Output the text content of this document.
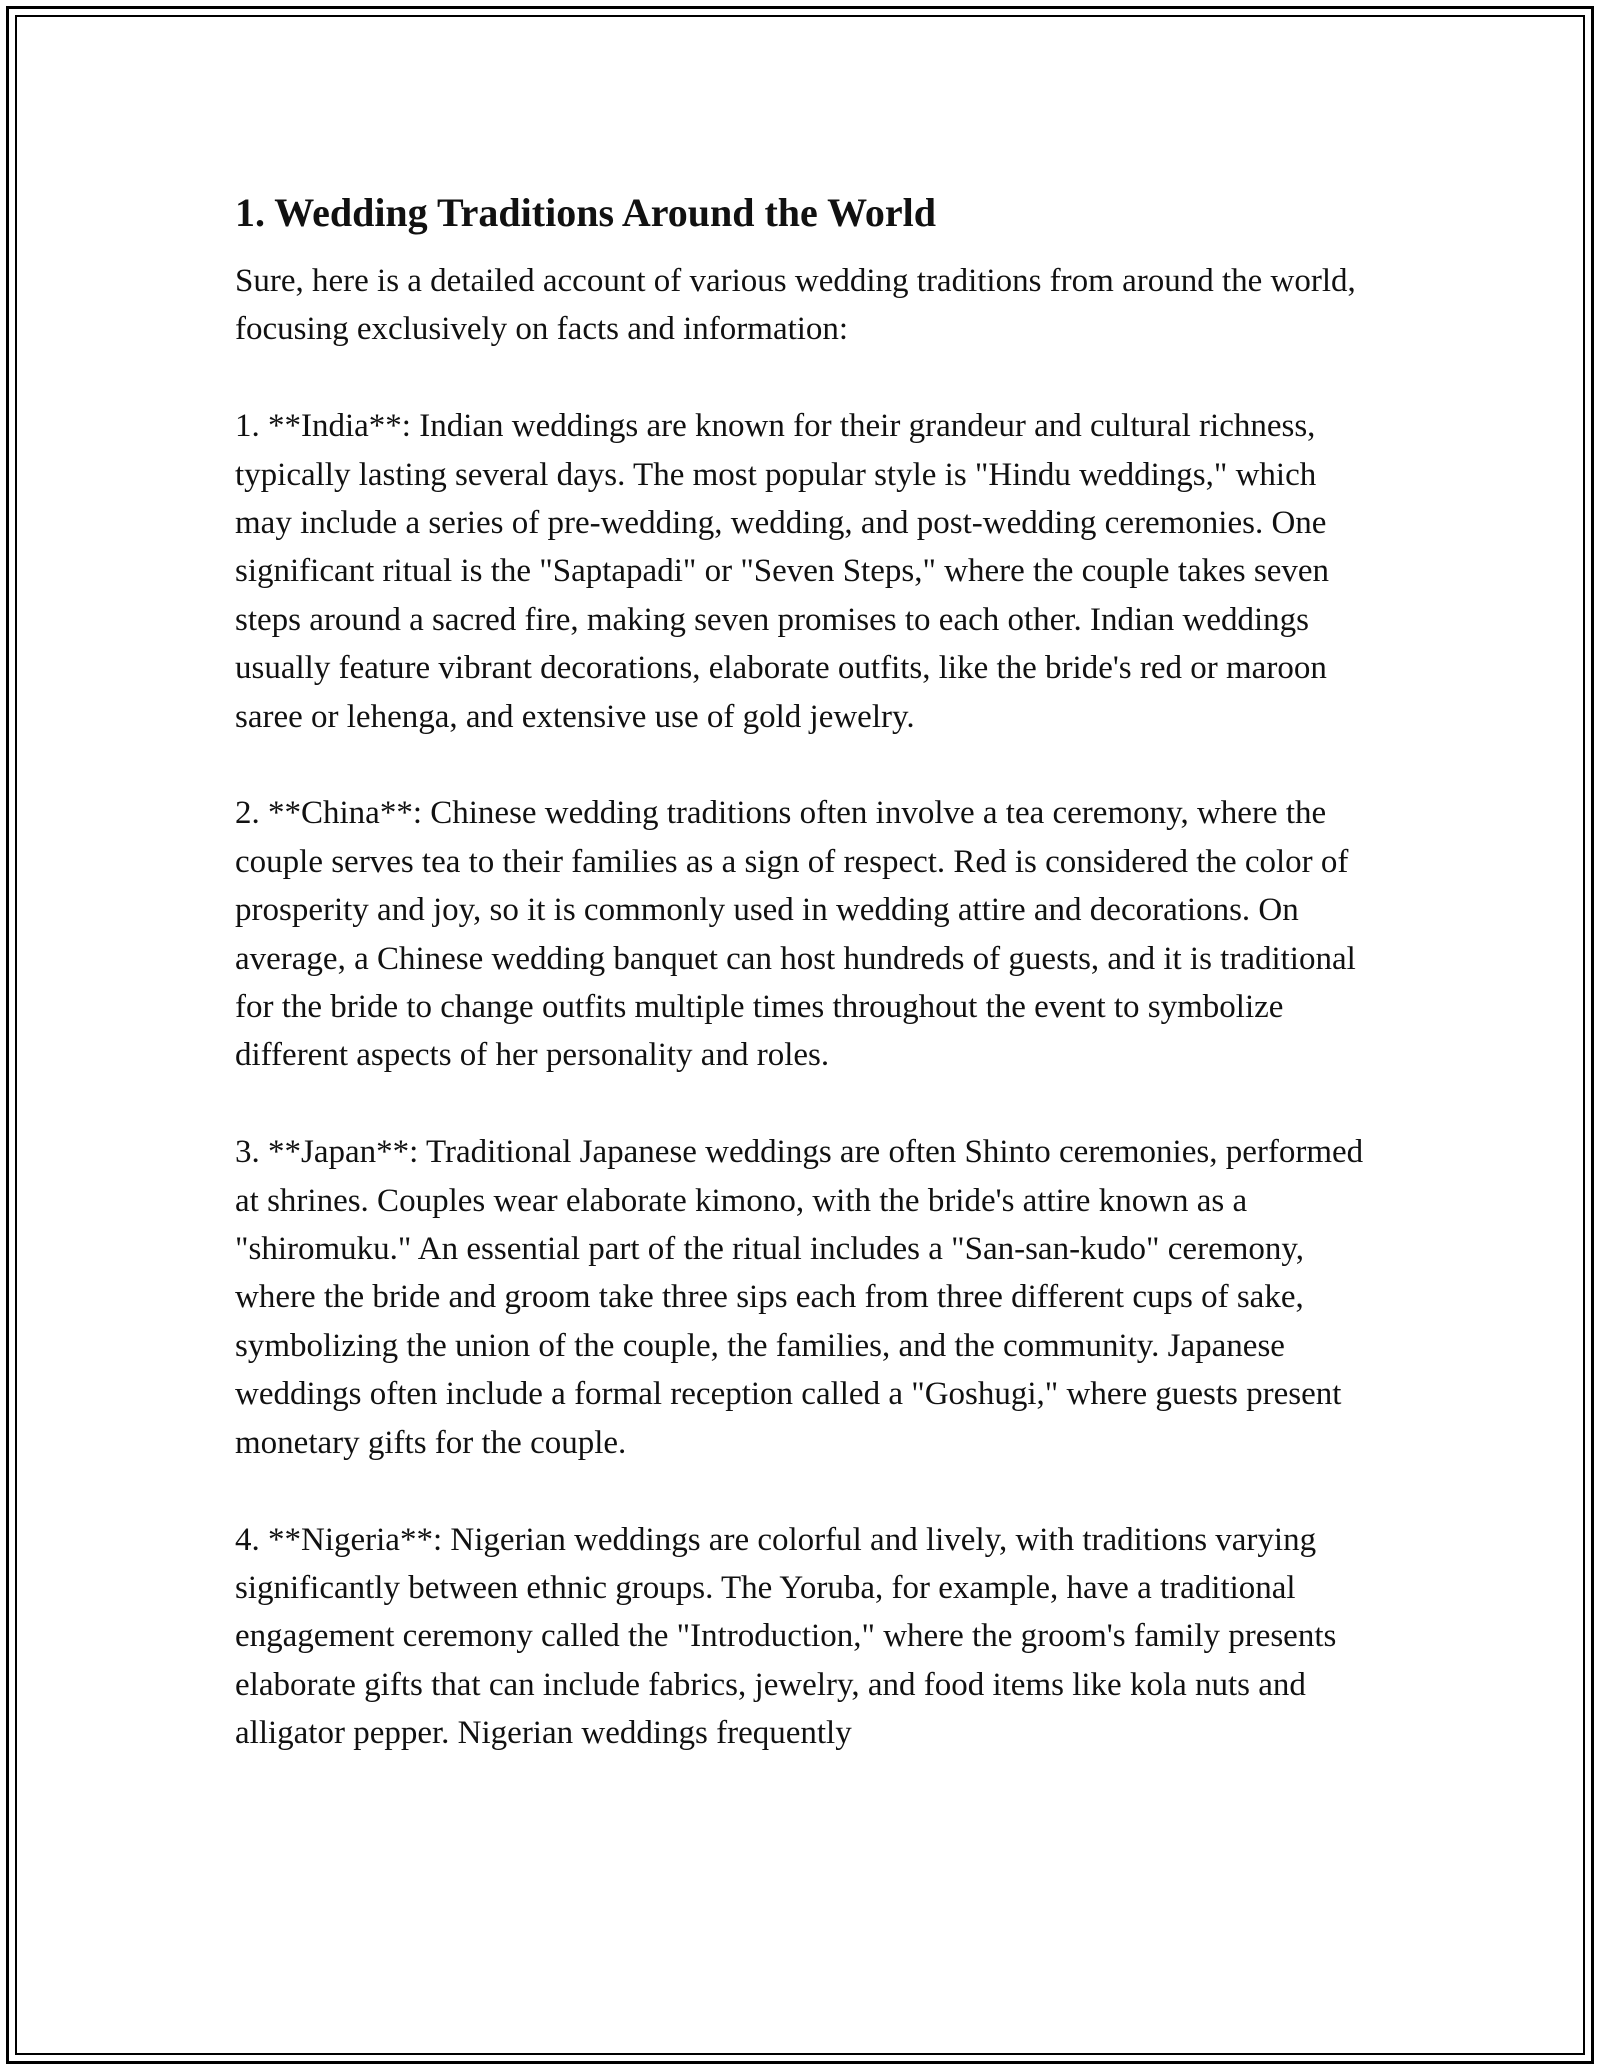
1. Wedding Traditions Around the World

Sure, here is a detailed account of various wedding traditions from around the world, focusing exclusively on facts and information:

1. **India**: Indian weddings are known for their grandeur and cultural richness, typically lasting several days. The most popular style is "Hindu weddings," which may include a series of pre-wedding, wedding, and post-wedding ceremonies. One significant ritual is the "Saptapadi" or "Seven Steps," where the couple takes seven steps around a sacred fire, making seven promises to each other. Indian weddings usually feature vibrant decorations, elaborate outfits, like the bride's red or maroon saree or lehenga, and extensive use of gold jewelry.

2. **China**: Chinese wedding traditions often involve a tea ceremony, where the couple serves tea to their families as a sign of respect. Red is considered the color of prosperity and joy, so it is commonly used in wedding attire and decorations. On average, a Chinese wedding banquet can host hundreds of guests, and it is traditional for the bride to change outfits multiple times throughout the event to symbolize different aspects of her personality and roles.

3. **Japan**: Traditional Japanese weddings are often Shinto ceremonies, performed at shrines. Couples wear elaborate kimono, with the bride's attire known as a "shiromuku." An essential part of the ritual includes a "San-san-kudo" ceremony, where the bride and groom take three sips each from three different cups of sake, symbolizing the union of the couple, the families, and the community. Japanese weddings often include a formal reception called a "Goshugi," where guests present monetary gifts for the couple.

4. **Nigeria**: Nigerian weddings are colorful and lively, with traditions varying significantly between ethnic groups. The Yoruba, for example, have a traditional engagement ceremony called the "Introduction," where the groom's family presents elaborate gifts that can include fabrics, jewelry, and food items like kola nuts and alligator pepper. Nigerian weddings frequently
